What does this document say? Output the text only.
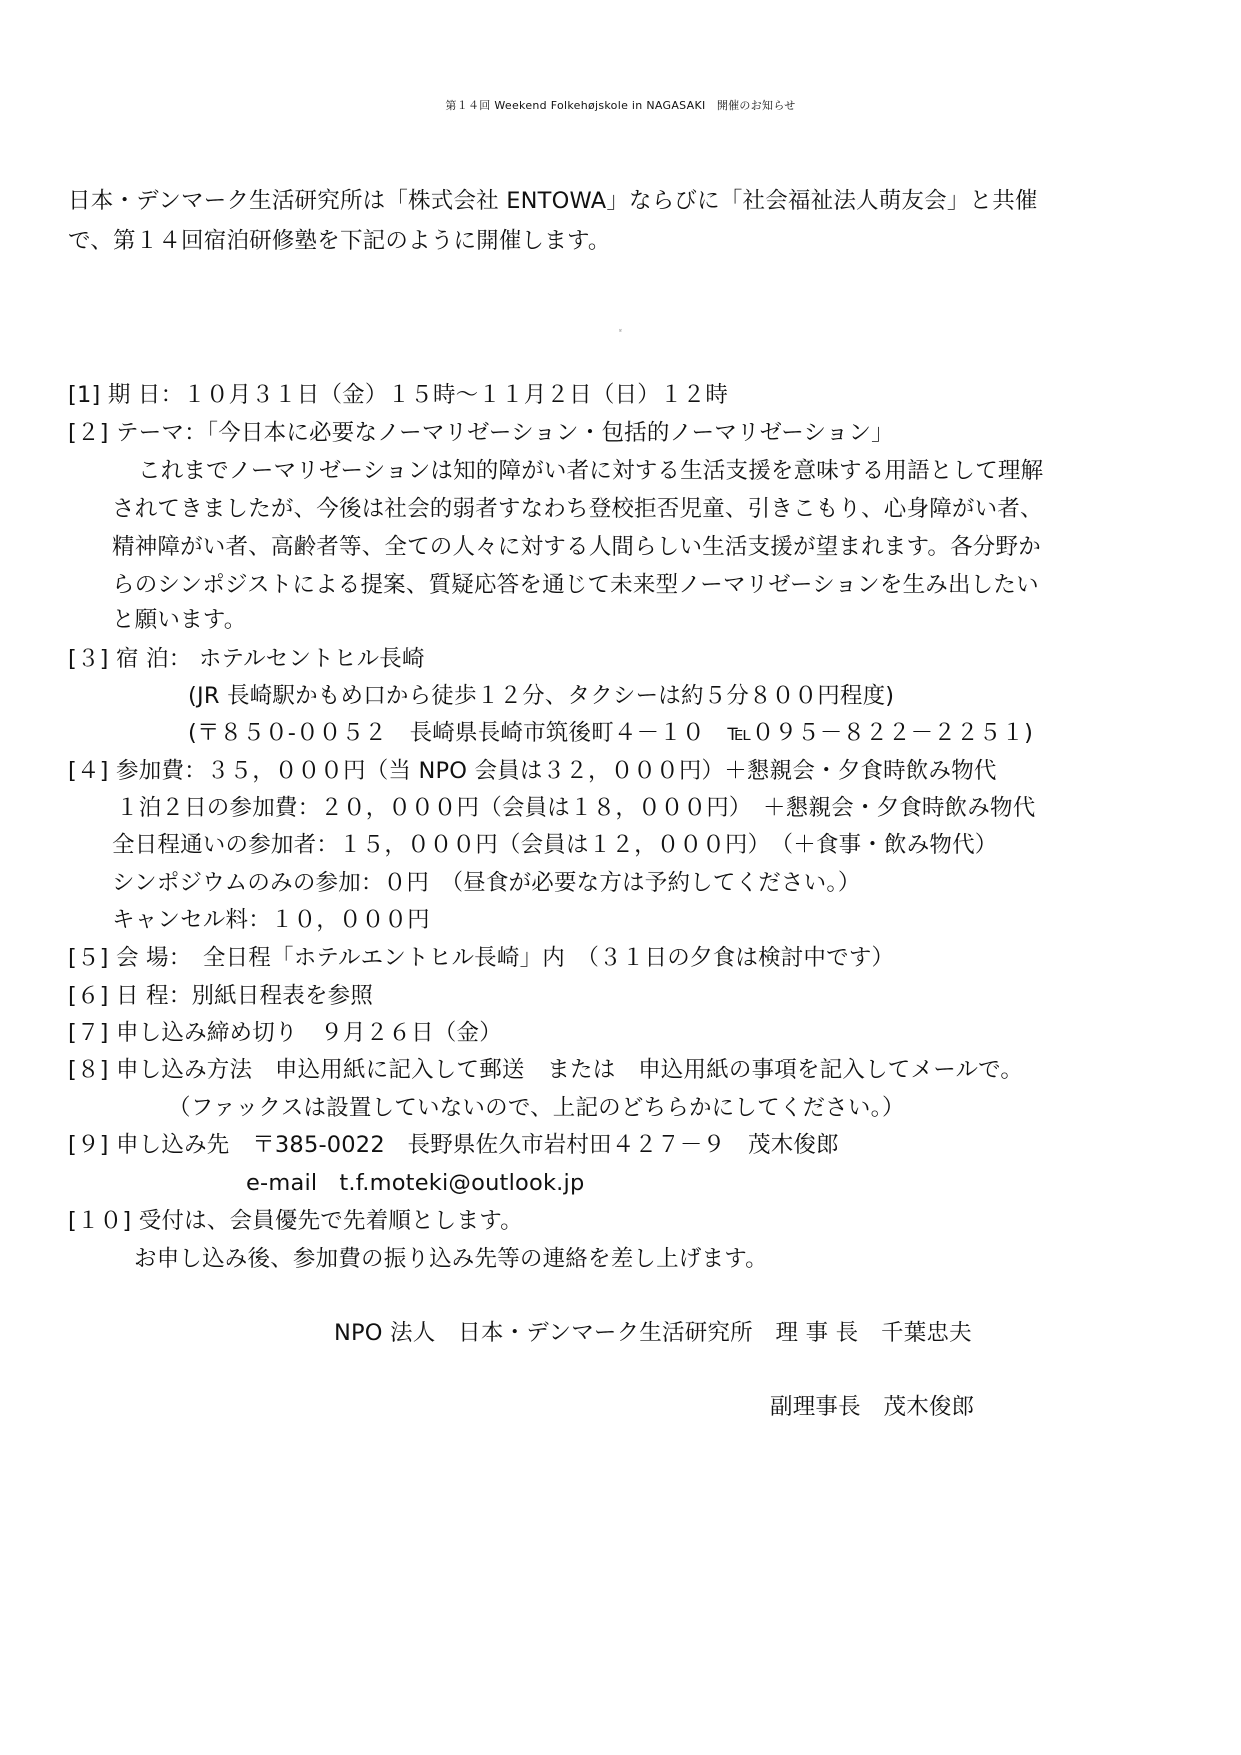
第１４回 Weekend Folkehøjskole in NAGASAKI　開催のお知らせ

日本・デンマーク生活研究所は「株式会社 ENTOWA」ならびに「社会福祉法人萌友会」と共催

で、第１４回宿泊研修塾を下記のように開催します。

記

[1] 期 日：１０月３１日（金）１５時～１１月２日（日）１２時

[２] テーマ：「今日本に必要なノーマリゼーション・包括的ノーマリゼーション」

これまでノーマリゼーションは知的障がい者に対する生活支援を意味する用語として理解

されてきましたが、今後は社会的弱者すなわち登校拒否児童、引きこもり、心身障がい者、

精神障がい者、高齢者等、全ての人々に対する人間らしい生活支援が望まれます。各分野か

らのシンポジストによる提案、質疑応答を通じて未来型ノーマリゼーションを生み出したい

と願います。

[３] 宿 泊： ホテルセントヒル長崎

(JR 長崎駅かもめ口から徒歩１２分、タクシーは約５分８００円程度)

(〒８５０-００５２　長崎県長崎市筑後町４－１０　℡０９５－８２２－２２５１)

[４] 参加費：３５，０００円（当 NPO 会員は３２，０００円）＋懇親会・夕食時飲み物代

１泊２日の参加費：２０，０００円（会員は１８，０００円）　＋懇親会・夕食時飲み物代

全日程通いの参加者：１５，０００円（会員は１２，０００円）　（＋食事・飲み物代）

シンポジウムのみの参加：０円　（昼食が必要な方は予約してください。）

キャンセル料：１０，０００円

[５] 会 場：　全日程「ホテルエントヒル長崎」内　（３１日の夕食は検討中です）

[６] 日 程：別紙日程表を参照

[７] 申し込み締め切り　９月２６日（金）

[８] 申し込み方法　申込用紙に記入して郵送　または　申込用紙の事項を記入してメールで。

（ファックスは設置していないので、上記のどちらかにしてください。）

[９] 申し込み先　〒385-0022　長野県佐久市岩村田４２７－９　茂木俊郎

e-mail t.f.moteki@outlook.jp

[１０] 受付は、会員優先で先着順とします。

お申し込み後、参加費の振り込み先等の連絡を差し上げます。

NPO 法人　日本・デンマーク生活研究所　理 事 長　千葉忠夫

副理事長　茂木俊郎
